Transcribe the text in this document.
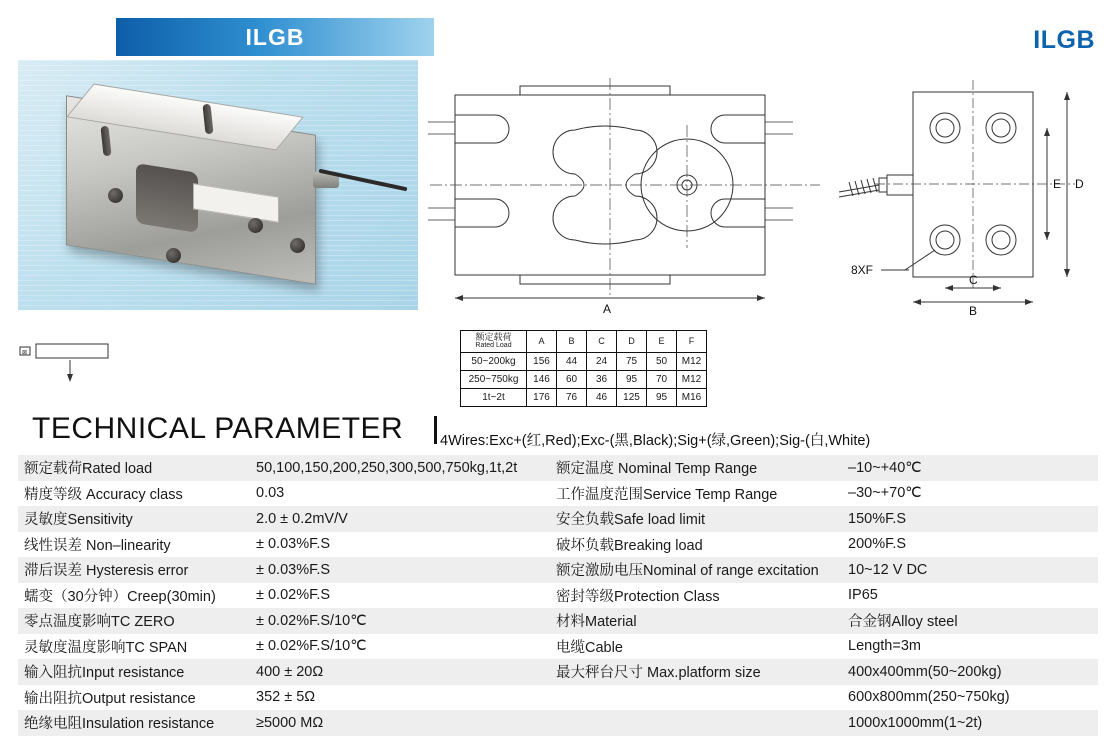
ILGB	ILGB
⊠
A
D
E
B
C
8XF
额定载荷
Rated Load	A	B	C	D	E	F
50~200kg	156	44	24	75	50	M12
250~750kg	146	60	36	95	70	M12
1t~2t	176	76	46	125	95	M16
TECHNICAL PARAMETER	4Wires:Exc+(红,Red);Exc-(黑,Black);Sig+(绿,Green);Sig-(白,White)
额定载荷Rated load	50,100,150,200,250,300,500,750kg,1t,2t	额定温度 Nominal Temp Range	–10~+40℃
精度等级 Accuracy class	0.03	工作温度范围Service Temp Range	–30~+70℃
灵敏度Sensitivity	2.0 ± 0.2mV/V	安全负载Safe load limit	150%F.S
线性误差 Non–linearity	± 0.03%F.S	破坏负载Breaking load	200%F.S
滞后误差 Hysteresis error	± 0.03%F.S	额定激励电压Nominal of range excitation	10~12 V DC
蠕变（30分钟）Creep(30min)	± 0.02%F.S	密封等级Protection Class	IP65
零点温度影响TC ZERO	± 0.02%F.S/10℃	材料Material	合金钢Alloy steel
灵敏度温度影响TC SPAN	± 0.02%F.S/10℃	电缆Cable	Length=3m
输入阻抗Input resistance	400 ± 20Ω	最大秤台尺寸 Max.platform size	400x400mm(50~200kg)
输出阻抗Output resistance	352 ± 5Ω		600x800mm(250~750kg)
绝缘电阻Insulation resistance	≥5000 MΩ		1000x1000mm(1~2t)
